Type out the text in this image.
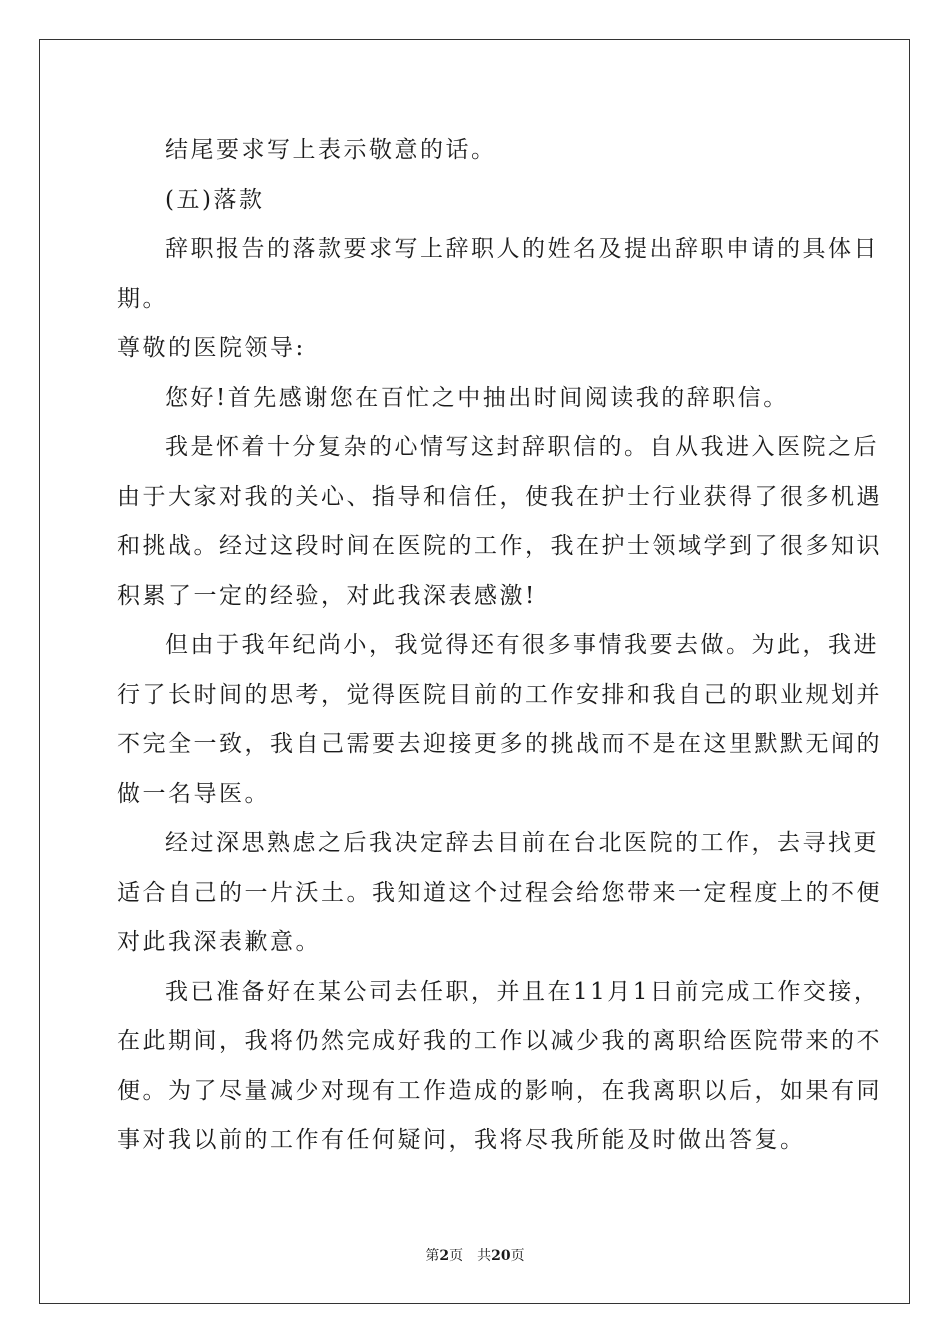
结尾要求写上表示敬意的话。
(五)落款
辞职报告的落款要求写上辞职人的姓名及提出辞职申请的具体日
期。
尊敬的医院领导:
您好!首先感谢您在百忙之中抽出时间阅读我的辞职信。
我是怀着十分复杂的心情写这封辞职信的。自从我进入医院之后
由于大家对我的关心、指导和信任，使我在护士行业获得了很多机遇
和挑战。经过这段时间在医院的工作，我在护士领域学到了很多知识
积累了一定的经验，对此我深表感激!
但由于我年纪尚小，我觉得还有很多事情我要去做。为此，我进
行了长时间的思考，觉得医院目前的工作安排和我自己的职业规划并
不完全一致，我自己需要去迎接更多的挑战而不是在这里默默无闻的
做一名导医。
经过深思熟虑之后我决定辞去目前在台北医院的工作，去寻找更
适合自己的一片沃土。我知道这个过程会给您带来一定程度上的不便
对此我深表歉意。
我已准备好在某公司去任职，并且在11月1日前完成工作交接，
在此期间，我将仍然完成好我的工作以减少我的离职给医院带来的不
便。为了尽量减少对现有工作造成的影响，在我离职以后，如果有同
事对我以前的工作有任何疑问，我将尽我所能及时做出答复。
第2页 共20页
